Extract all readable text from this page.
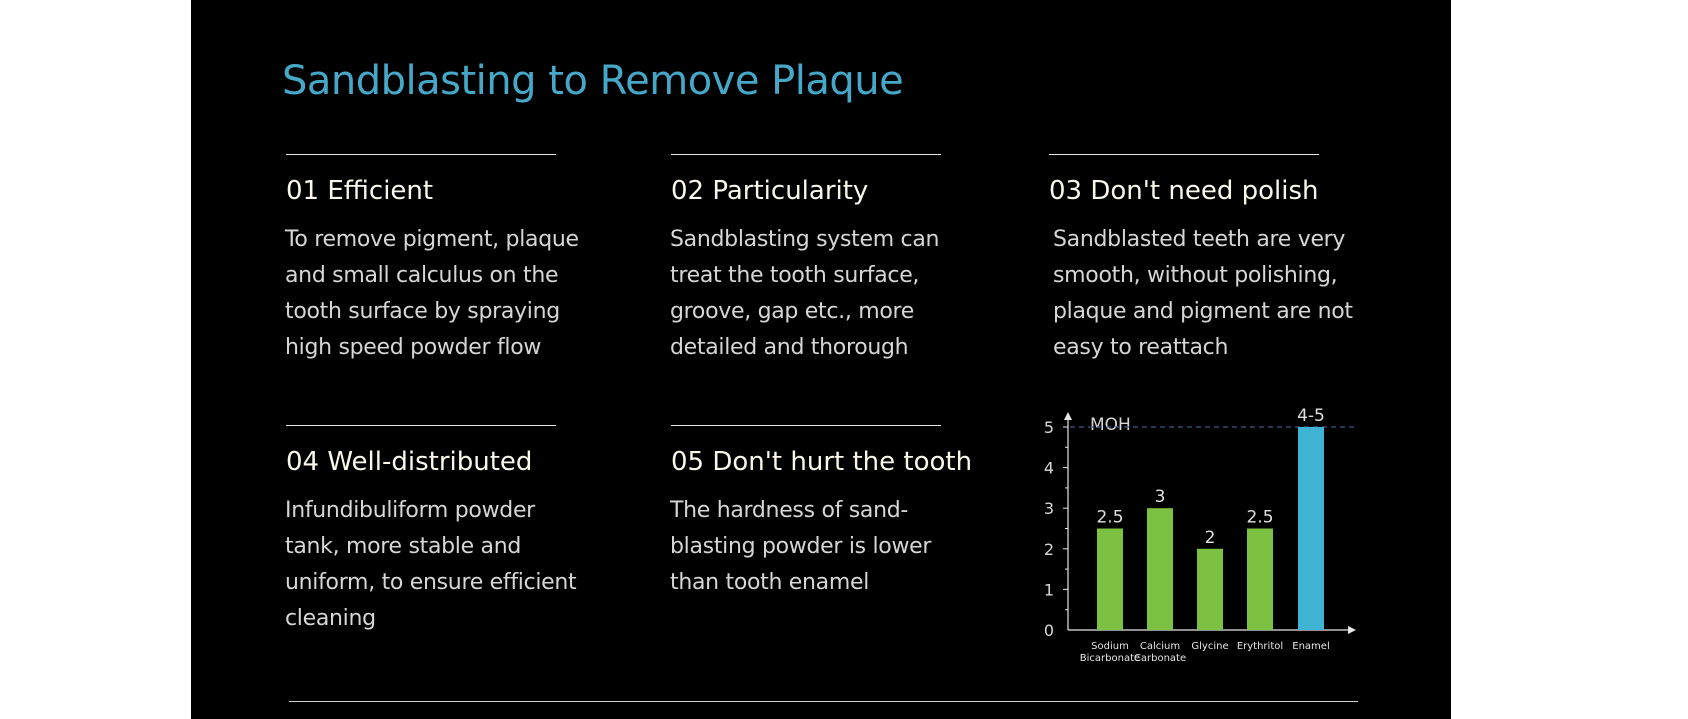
Sandblasting to Remove Plaque
01 Efficient

To remove pigment, plaque and small calculus on the tooth surface by spraying high speed powder flow

02 Particularity

Sandblasting system can treat the tooth surface, groove, gap etc., more detailed and thorough

03 Don't need polish

Sandblasted teeth are very smooth, without polishing, plaque and pigment are not easy to reattach

04 Well-distributed

Infundibuliform powder tank, more stable and uniform, to ensure efficient cleaning

05 Don't hurt the tooth

The hardness of sand-blasting powder is lower than tooth enamel

MOH
0
1
2
3
4
5
2.5
Sodium
Bicarbonate
3
Calcium
Carbonate
2
Glycine
2.5
Erythritol
4-5
Enamel
